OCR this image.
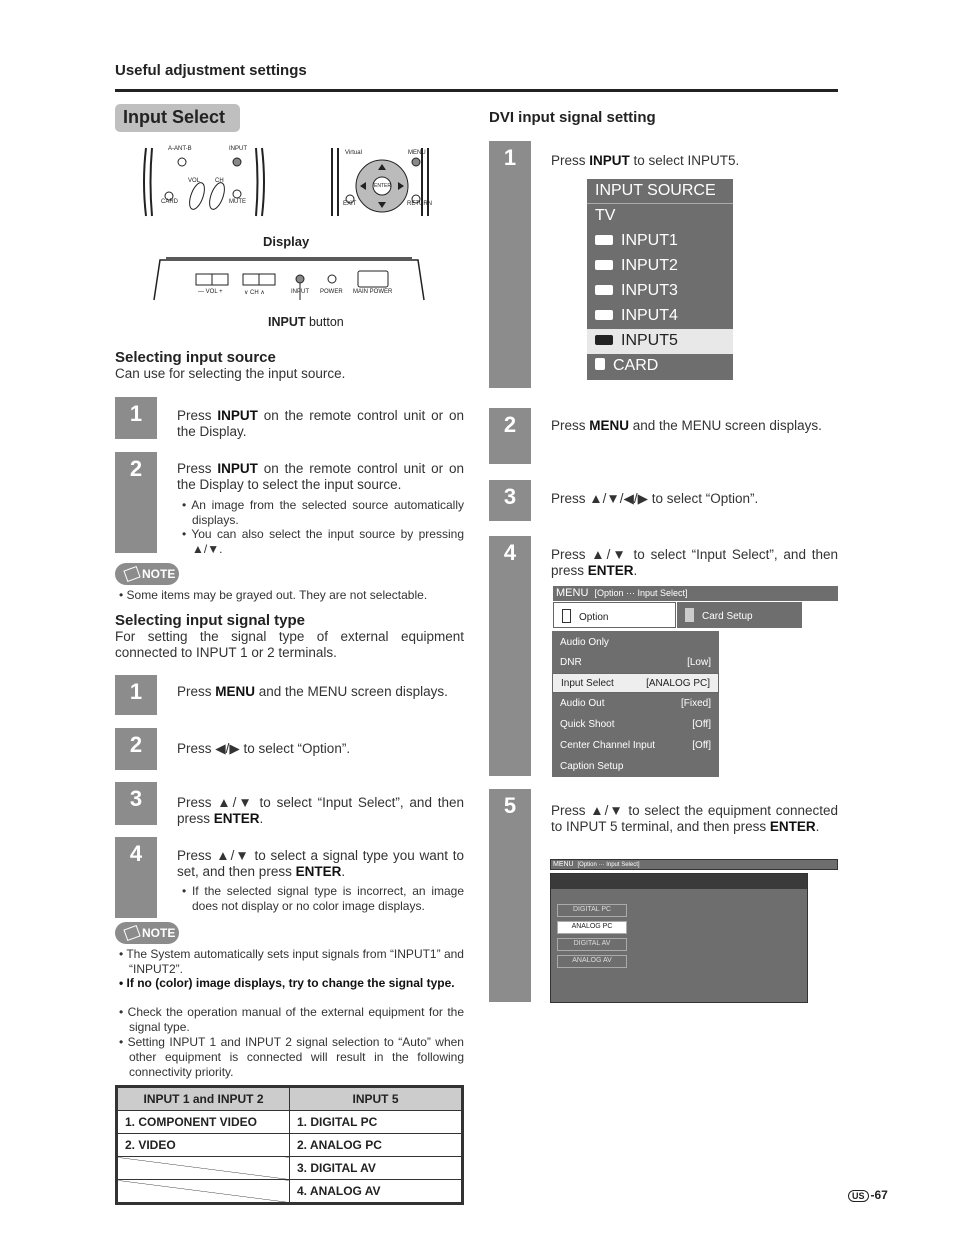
Useful adjustment settings
Input Select
A-ANT-B	INPUT
VOL CH
CARD	MUTE
Virtual	MENU
ENTER
EXIT	RETURN
Display
— VOL +	∨ CH ∧	INPUT POWER MAIN POWER
INPUT button
Selecting input source
Can use for selecting the input source.
1	Press INPUT on the remote control unit or on the Display.
2	Press INPUT on the remote control unit or on the Display to select the input source.
• An image from the selected source automatically displays.
• You can also select the input source by pressing ▲/▼.
NOTE
• Some items may be grayed out. They are not selectable.
Selecting input signal type
For setting the signal type of external equipment connected to INPUT 1 or 2 terminals.
1	Press MENU and the MENU screen displays.
2	Press ◀/▶ to select “Option”.
3	Press ▲/▼ to select “Input Select”, and then press ENTER.
4	Press ▲/▼ to select a signal type you want to set, and then press ENTER.
• If the selected signal type is incorrect, an image does not display or no color image displays.
NOTE
• The System automatically sets input signals from “INPUT1” and “INPUT2”.
• If no (color) image displays, try to change the signal type.
• Check the operation manual of the external equipment for the signal type.
• Setting INPUT 1 and INPUT 2 signal selection to “Auto” when other equipment is connected will result in the following connectivity priority.
INPUT 1 and INPUT 2	INPUT 5
1. COMPONENT VIDEO	1. DIGITAL PC
2. VIDEO	2. ANALOG PC
	3. DIGITAL AV
	4. ANALOG AV
DVI input signal setting
1	Press INPUT to select INPUT5.
INPUT SOURCE
TV
INPUT1
INPUT2
INPUT3
INPUT4
INPUT5
CARD
2	Press MENU and the MENU screen displays.
3	Press ▲/▼/◀/▶ to select “Option”.
4	Press ▲/▼ to select “Input Select”, and then press ENTER.
MENU [Option ··· Input Select]
Option	Card Setup
Audio Only
DNR	[Low]
Input Select	[ANALOG PC]
Audio Out	[Fixed]
Quick Shoot	[Off]
Center Channel Input	[Off]
Caption Setup
5	Press ▲/▼ to select the equipment connected to INPUT 5 terminal, and then press ENTER.
MENU [Option ··· Input Select]
DIGITAL PC
ANALOG PC
DIGITAL AV
ANALOG AV
US -67
